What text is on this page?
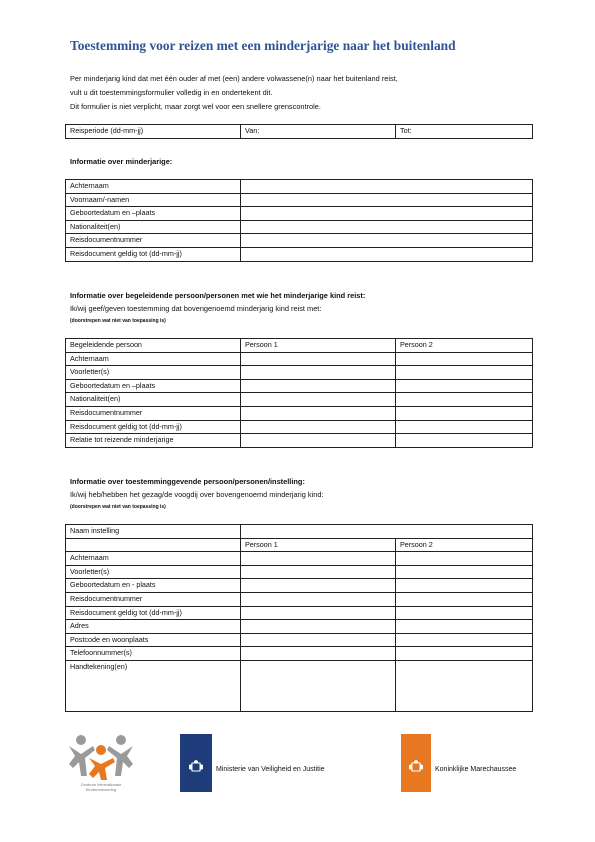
Toestemming voor reizen met een minderjarige naar het buitenland
Per minderjarig kind dat met één ouder af met (een) andere volwassene(n) naar het buitenland reist,
vult u dit toestemmingsformulier volledig in en ondertekent dit.
Dit formulier is niet verplicht, maar zorgt wel voor een snellere grenscontrole.
Reisperiode (dd-mm-jj)	Van:	Tot:
Informatie over minderjarige:
Achternaam	
Voornaam/-namen	
Geboortedatum en –plaats	
Nationaliteit(en)	
Reisdocumentnummer	
Reisdocument geldig tot (dd-mm-jj)	
Informatie over begeleidende persoon/personen met wie het minderjarige kind reist:
Ik/wij geef/geven toestemming dat bovengenoemd minderjarig kind reist met:
(doorstrepen wat niet van toepassing is)
Begeleidende persoon	Persoon 1	Persoon 2
Achternaam		
Voorletter(s)		
Geboortedatum en –plaats		
Nationaliteit(en)		
Reisdocumentnummer		
Reisdocument geldig tot (dd-mm-jj)		
Relatie tot reizende minderjarige		
Informatie over toestemminggevende persoon/personen/instelling:
Ik/wij heb/hebben het gezag/de voogdij over bovengenoemd minderjarig kind:
(doorstrepen wat niet van toepassing is)
Naam instelling		
	Persoon 1	Persoon 2
Achternaam		
Voorletter(s)		
Geboortedatum en - plaats		
Reisdocumentnummer		
Reisdocument geldig tot (dd-mm-jj)		
Adres		
Postcode en woonplaats		
Telefoonnummer(s)		
Handtekening(en)		
Centrum Internationale Kinderontvoering
Ministerie van Veiligheid en Justitie	Koninklijke Marechaussee
